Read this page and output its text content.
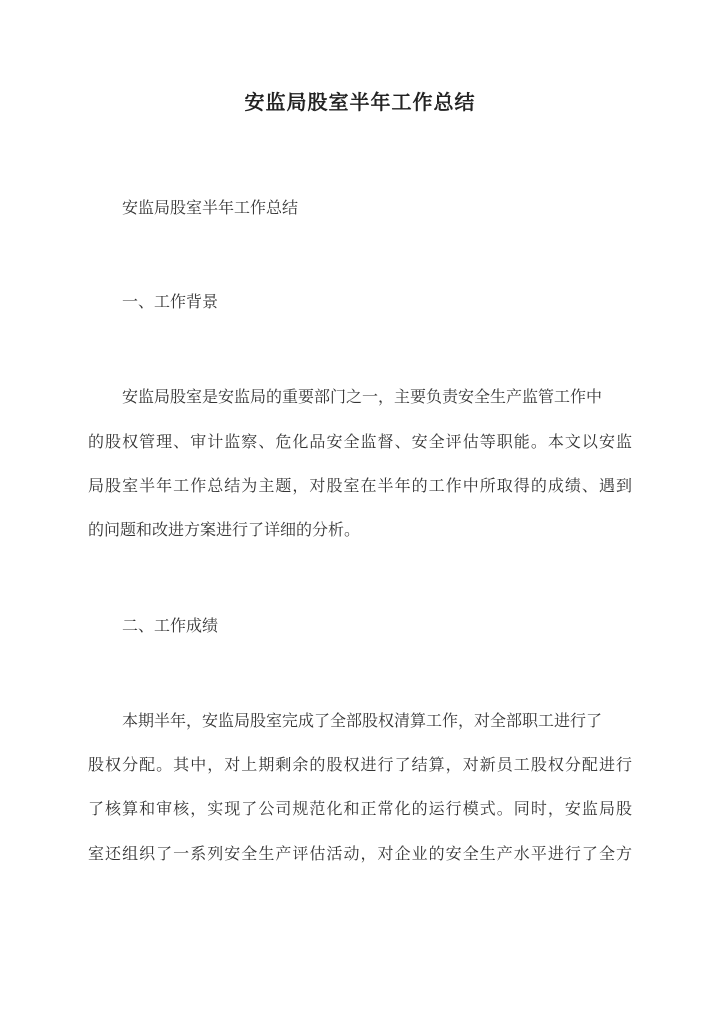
安监局股室半年工作总结
安监局股室半年工作总结
一、工作背景
安监局股室是安监局的重要部门之一，主要负责安全生产监管工作中
的股权管理、审计监察、危化品安全监督、安全评估等职能。本文以安监
局股室半年工作总结为主题，对股室在半年的工作中所取得的成绩、遇到
的问题和改进方案进行了详细的分析。
二、工作成绩
本期半年，安监局股室完成了全部股权清算工作，对全部职工进行了
股权分配。其中，对上期剩余的股权进行了结算，对新员工股权分配进行
了核算和审核，实现了公司规范化和正常化的运行模式。同时，安监局股
室还组织了一系列安全生产评估活动，对企业的安全生产水平进行了全方
